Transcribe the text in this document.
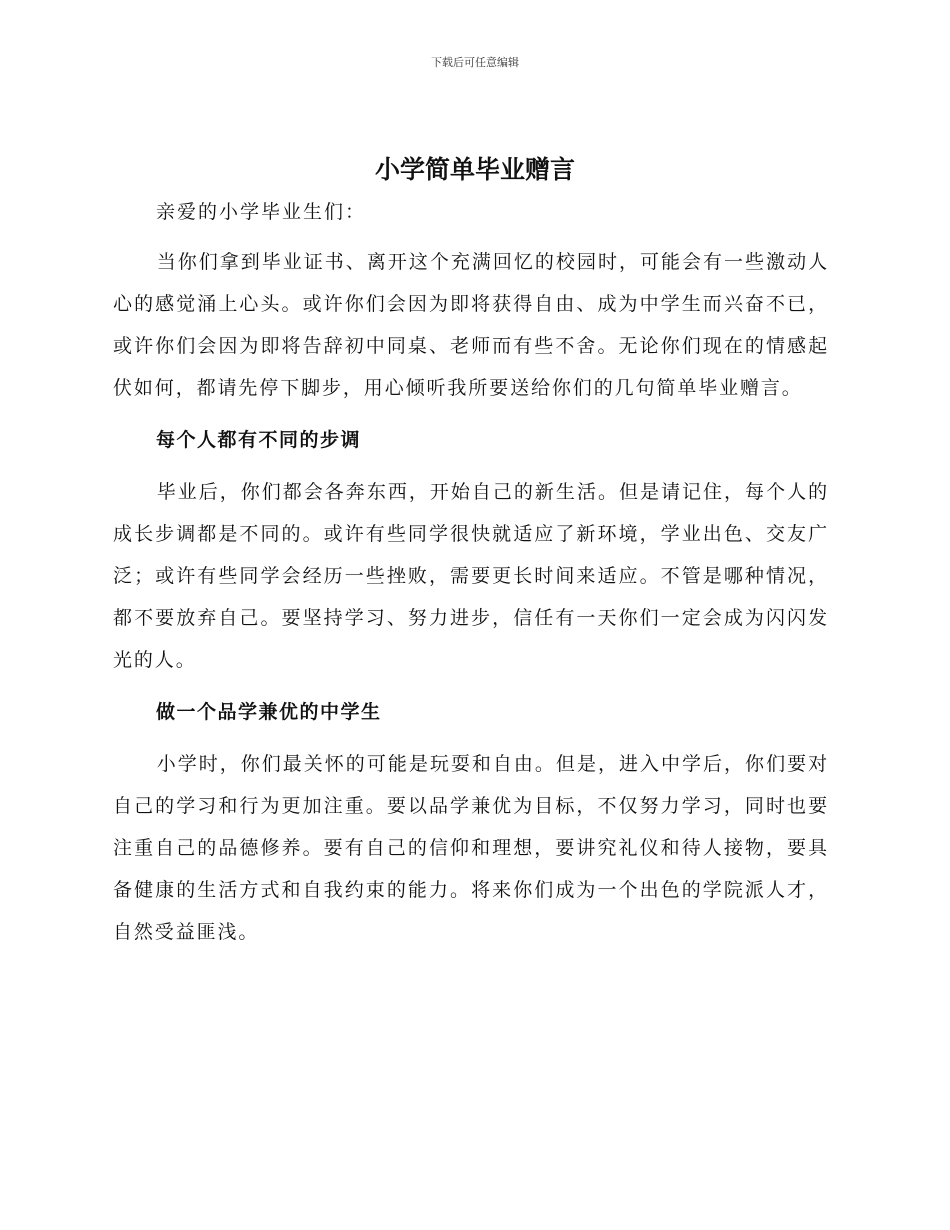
下载后可任意编辑
小学简单毕业赠言

亲爱的小学毕业生们：

当你们拿到毕业证书、离开这个充满回忆的校园时，可能会有一些激动人心的感觉涌上心头。或许你们会因为即将获得自由、成为中学生而兴奋不已，或许你们会因为即将告辞初中同桌、老师而有些不舍。无论你们现在的情感起伏如何，都请先停下脚步，用心倾听我所要送给你们的几句简单毕业赠言。

每个人都有不同的步调

毕业后，你们都会各奔东西，开始自己的新生活。但是请记住，每个人的成长步调都是不同的。或许有些同学很快就适应了新环境，学业出色、交友广泛；或许有些同学会经历一些挫败，需要更长时间来适应。不管是哪种情况，都不要放弃自己。要坚持学习、努力进步，信任有一天你们一定会成为闪闪发光的人。

做一个品学兼优的中学生

小学时，你们最关怀的可能是玩耍和自由。但是，进入中学后，你们要对自己的学习和行为更加注重。要以品学兼优为目标，不仅努力学习，同时也要注重自己的品德修养。要有自己的信仰和理想，要讲究礼仪和待人接物，要具备健康的生活方式和自我约束的能力。将来你们成为一个出色的学院派人才，自然受益匪浅。
